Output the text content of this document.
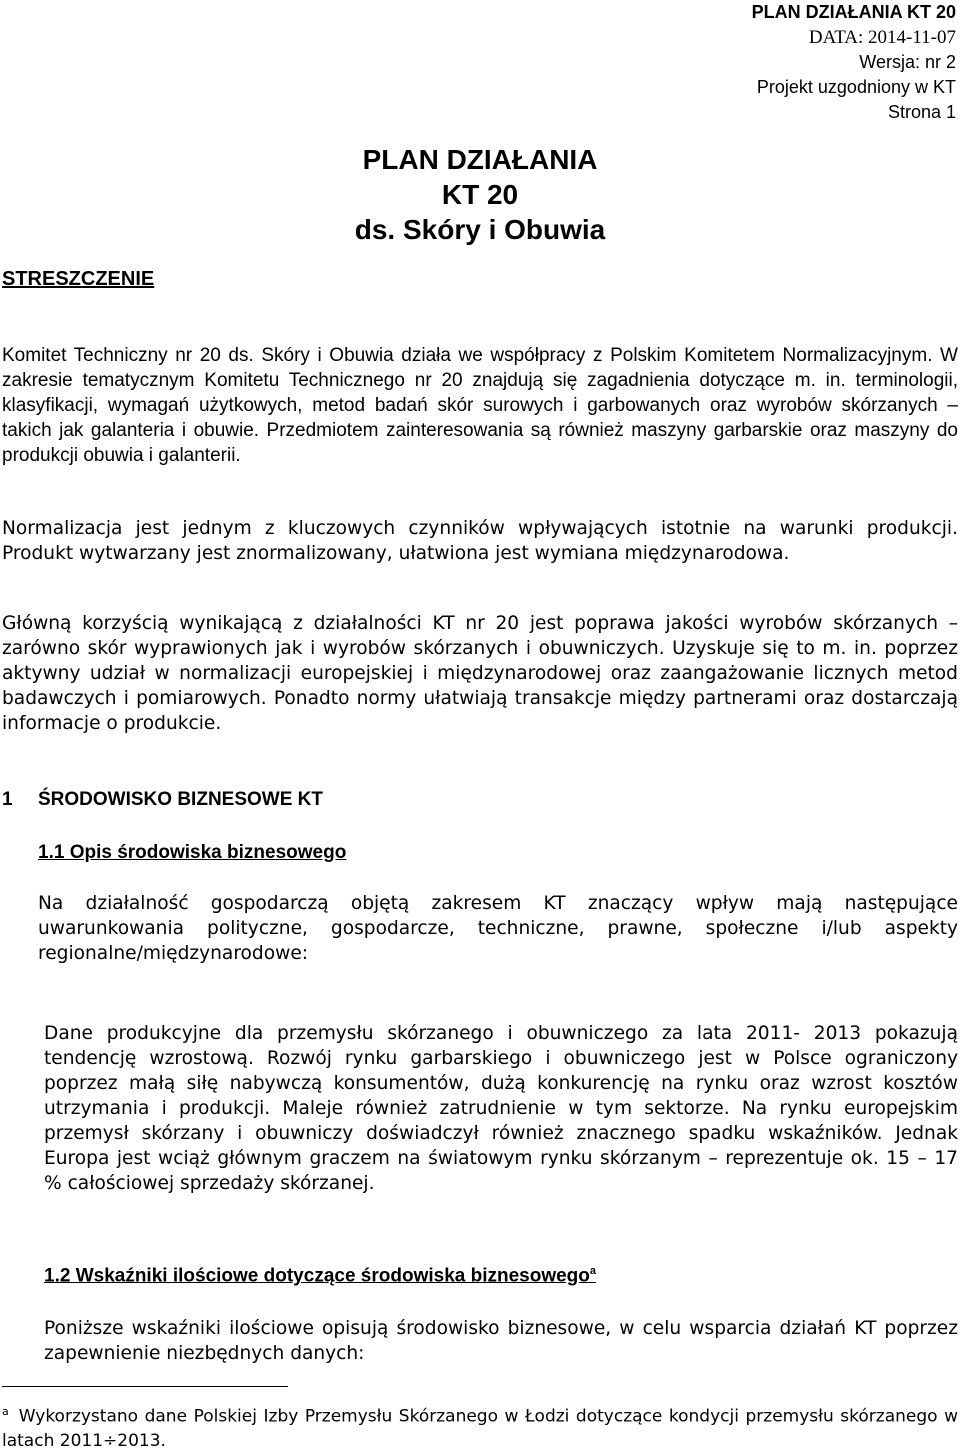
PLAN DZIAŁANIA KT 20
DATA: 2014-11-07
Wersja: nr 2
Projekt uzgodniony w KT
Strona 1
PLAN DZIAŁANIA
KT 20
ds. Skóry i Obuwia
STRESZCZENIE

Komitet Techniczny nr 20 ds. Skóry i Obuwia działa we współpracy z Polskim Komitetem Normalizacyjnym. W zakresie tematycznym Komitetu Technicznego nr 20 znajdują się zagadnienia dotyczące m. in. terminologii, klasyfikacji, wymagań użytkowych, metod badań skór surowych i garbowanych oraz wyrobów skórzanych – takich jak galanteria i obuwie. Przedmiotem zainteresowania są również maszyny garbarskie oraz maszyny do produkcji obuwia i galanterii.

Normalizacja jest jednym z kluczowych czynników wpływających istotnie na warunki produkcji. Produkt wytwarzany jest znormalizowany, ułatwiona jest wymiana międzynarodowa.

Główną korzyścią wynikającą z działalności KT nr 20 jest poprawa jakości wyrobów skórzanych – zarówno skór wyprawionych jak i wyrobów skórzanych i obuwniczych. Uzyskuje się to m. in. poprzez aktywny udział w normalizacji europejskiej i międzynarodowej oraz zaangażowanie licznych metod badawczych i pomiarowych. Ponadto normy ułatwiają transakcje między partnerami oraz dostarczają informacje o produkcie.

1 ŚRODOWISKO BIZNESOWE KT
1.1 Opis środowiska biznesowego

Na działalność gospodarczą objętą zakresem KT znaczący wpływ mają następujące uwarunkowania polityczne, gospodarcze, techniczne, prawne, społeczne i/lub aspekty regionalne/międzynarodowe:

Dane produkcyjne dla przemysłu skórzanego i obuwniczego za lata 2011- 2013 pokazują tendencję wzrostową. Rozwój rynku garbarskiego i obuwniczego jest w Polsce ograniczony poprzez małą siłę nabywczą konsumentów, dużą konkurencję na rynku oraz wzrost kosztów utrzymania i produkcji. Maleje również zatrudnienie w tym sektorze. Na rynku europejskim przemysł skórzany i obuwniczy doświadczył również znacznego spadku wskaźników. Jednak Europa jest wciąż głównym graczem na światowym rynku skórzanym – reprezentuje ok. 15 – 17 % całościowej sprzedaży skórzanej.

1.2 Wskaźniki ilościowe dotyczące środowiska biznesowego$^a$

Poniższe wskaźniki ilościowe opisują środowisko biznesowe, w celu wsparcia działań KT poprzez zapewnienie niezbędnych danych:

$^a$ Wykorzystano dane Polskiej Izby Przemysłu Skórzanego w Łodzi dotyczące kondycji przemysłu skórzanego w latach 2011÷2013.
